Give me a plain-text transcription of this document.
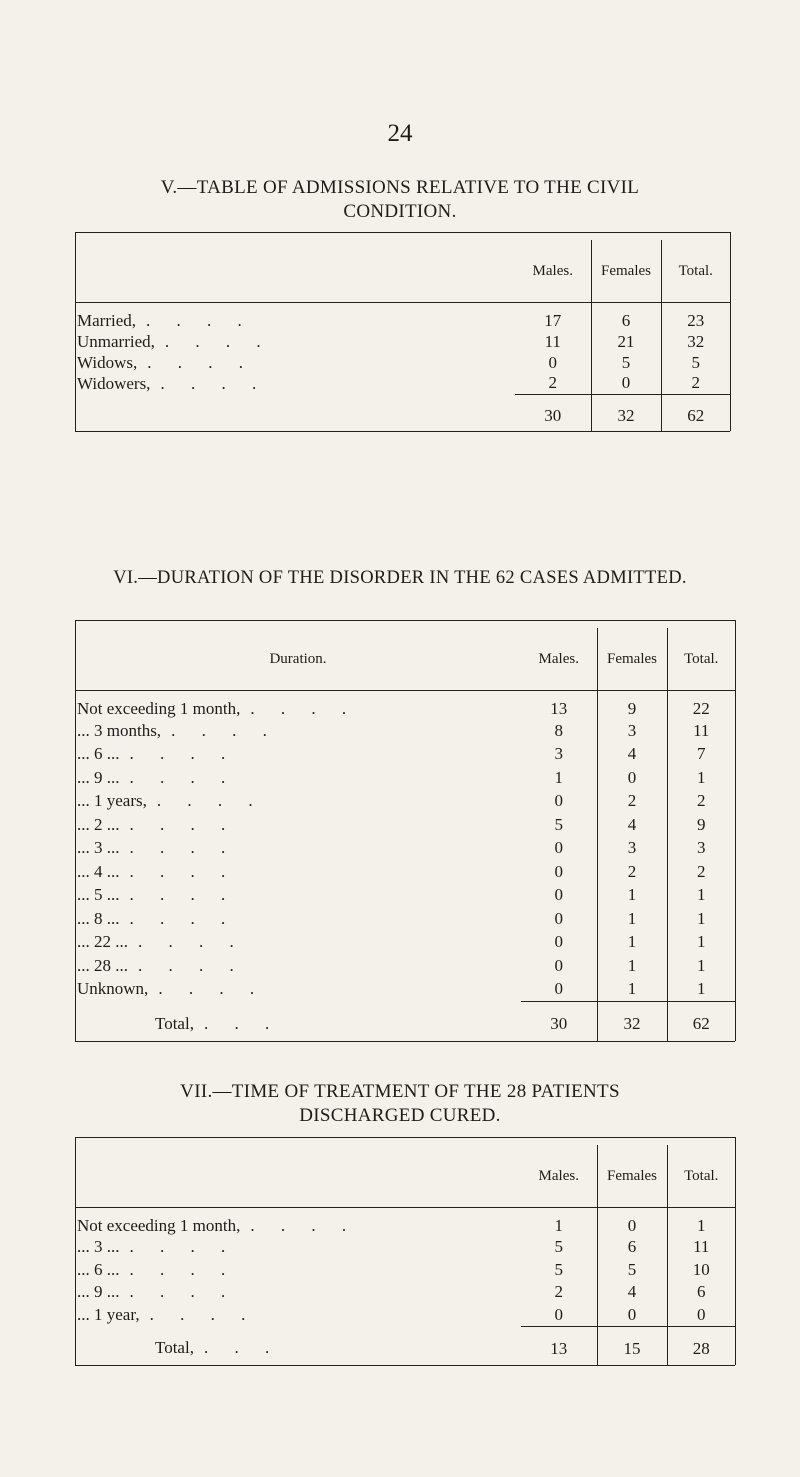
24
V.—TABLE OF ADMISSIONS RELATIVE TO THE CIVIL
CONDITION.
	Males.	Females	Total.
Married, . . . .	17	6	23
Unmarried, . . . .	11	21	32
Widows, . . . .	0	5	5
Widowers, . . . .	2	0	2
	30	32	62
VI.—DURATION OF THE DISORDER IN THE 62 CASES ADMITTED.
Duration.	Males.	Females	Total.
Not exceeding 1 month, . . . .	13	9	22
... 3 months, . . . .	8	3	11
... 6 ... . . . .	3	4	7
... 9 ... . . . .	1	0	1
... 1 years, . . . .	0	2	2
... 2 ... . . . .	5	4	9
... 3 ... . . . .	0	3	3
... 4 ... . . . .	0	2	2
... 5 ... . . . .	0	1	1
... 8 ... . . . .	0	1	1
... 22 ... . . . .	0	1	1
... 28 ... . . . .	0	1	1
Unknown, . . . .	0	1	1
Total, . . .	30	32	62
VII.—TIME OF TREATMENT OF THE 28 PATIENTS
DISCHARGED CURED.
	Males.	Females	Total.
Not exceeding 1 month, . . . .	1	0	1
... 3 ... . . . .	5	6	11
... 6 ... . . . .	5	5	10
... 9 ... . . . .	2	4	6
... 1 year, . . . .	0	0	0
Total, . . .	13	15	28
